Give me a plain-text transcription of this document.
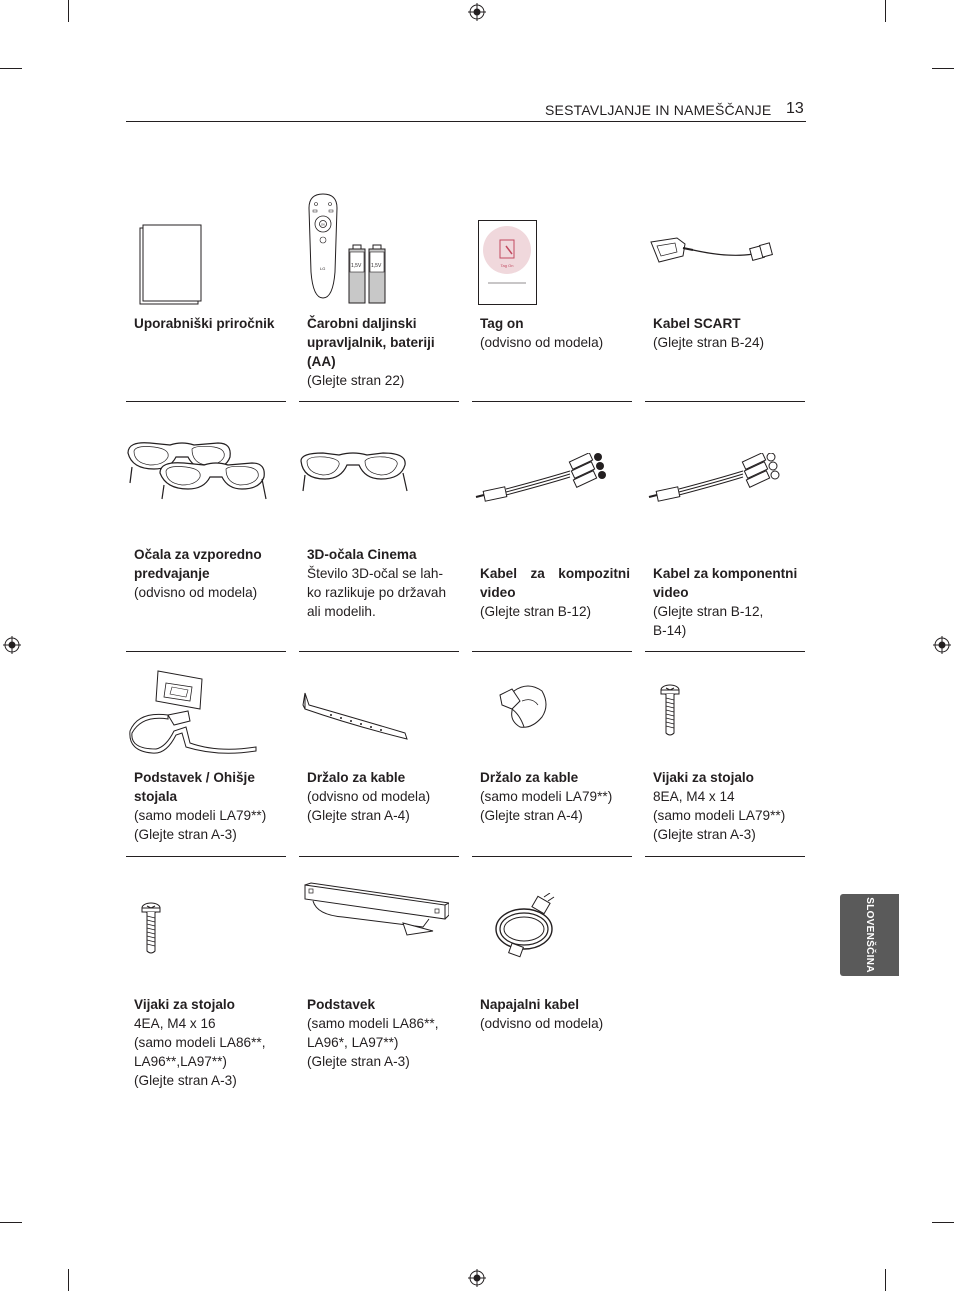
SESTAVLJANJE IN NAMEŠČANJE 13
SLOVENŠČINA
Uporabniški priročnik
OK
LG	1,5V 1,5V
Čarobni daljinski upravljalnik, bateriji (AA)
(Glejte stran 22)
Tag On
Tag on
(odvisno od modela)
Kabel SCART
(Glejte stran B-24)
Očala za vzporedno predvajanje
(odvisno od modela)
3D-očala Cinema
Število 3D-očal se lah-
ko razlikuje po državah
ali modelih.
Kabel za kompozitni video
(Glejte stran B-12)
Kabel za komponentni video
(Glejte stran B-12,
B-14)
Podstavek / Ohišje stojala
(samo modeli LA79**)
(Glejte stran A-3)
Držalo za kable
(odvisno od modela)
(Glejte stran A-4)
Držalo za kable
(samo modeli LA79**)
(Glejte stran A-4)
Vijaki za stojalo
8EA, M4 x 14
(samo modeli LA79**)
(Glejte stran A-3)
Vijaki za stojalo
4EA, M4 x 16
(samo modeli LA86**,
LA96**,LA97**)
(Glejte stran A-3)
Podstavek
(samo modeli LA86**,
LA96*, LA97**)
(Glejte stran A-3)
Napajalni kabel
(odvisno od modela)
